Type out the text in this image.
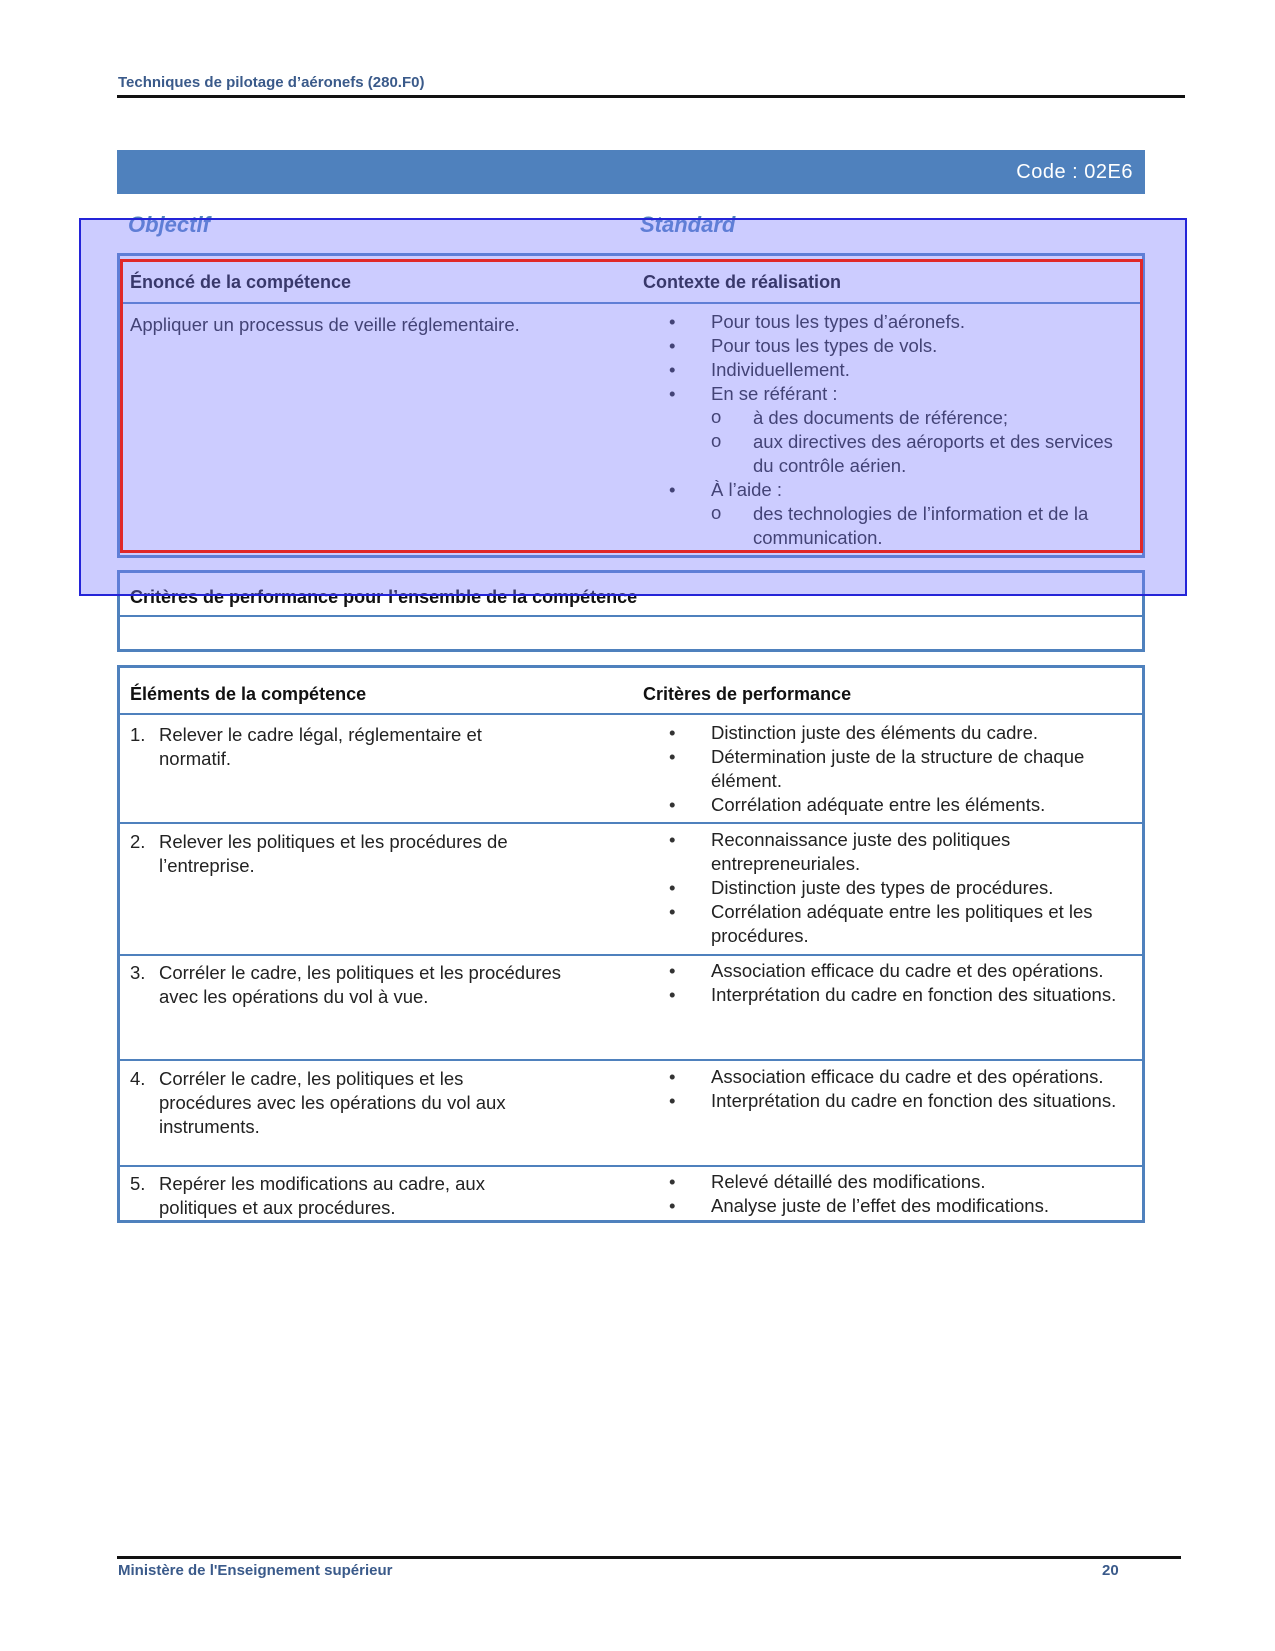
Techniques de pilotage d’aéronefs (280.F0)
Code : 02E6
Objectif	Standard
Énoncé de la compétence	Contexte de réalisation
Appliquer un processus de veille réglementaire.
•	Pour tous les types d’aéronefs.
• Pour tous les types de vols.
• Individuellement.
• En se référant :
o à des documents de référence;
o aux directives des aéroports et des services du contrôle aérien.
• À l’aide :
o des technologies de l’information et de la communication.
Critères de performance pour l’ensemble de la compétence
Éléments de la compétence	Critères de performance
1. Relever le cadre légal, réglementaire et normatif.
• Distinction juste des éléments du cadre.
• Détermination juste de la structure de chaque élément.
• Corrélation adéquate entre les éléments.
2. Relever les politiques et les procédures de l’entreprise.
• Reconnaissance juste des politiques entrepreneuriales.
• Distinction juste des types de procédures.
• Corrélation adéquate entre les politiques et les procédures.
3. Corréler le cadre, les politiques et les procédures avec les opérations du vol à vue.
• Association efficace du cadre et des opérations.
• Interprétation du cadre en fonction des situations.
4. Corréler le cadre, les politiques et les procédures avec les opérations du vol aux instruments.
• Association efficace du cadre et des opérations.
• Interprétation du cadre en fonction des situations.
5. Repérer les modifications au cadre, aux politiques et aux procédures.
• Relevé détaillé des modifications.
• Analyse juste de l’effet des modifications.
Ministère de l'Enseignement supérieur	20
